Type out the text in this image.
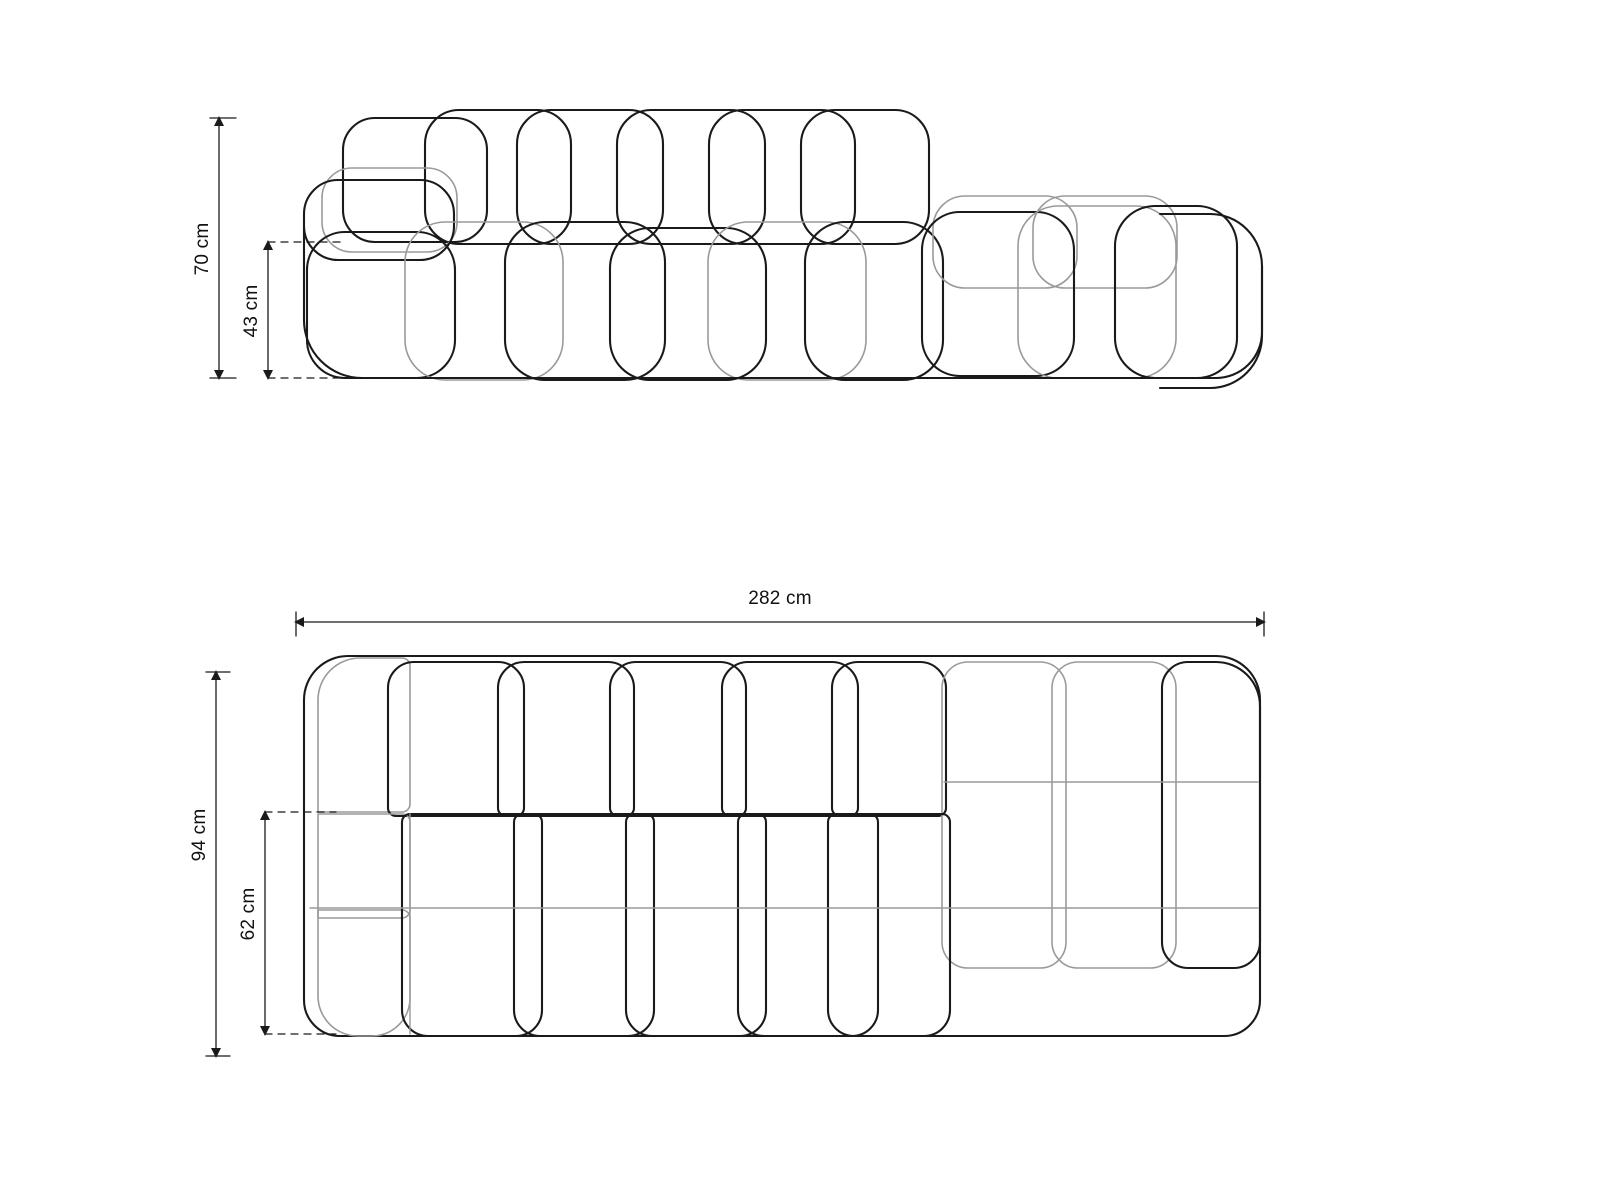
70 cm
43 cm
282 cm
94 cm
62 cm
